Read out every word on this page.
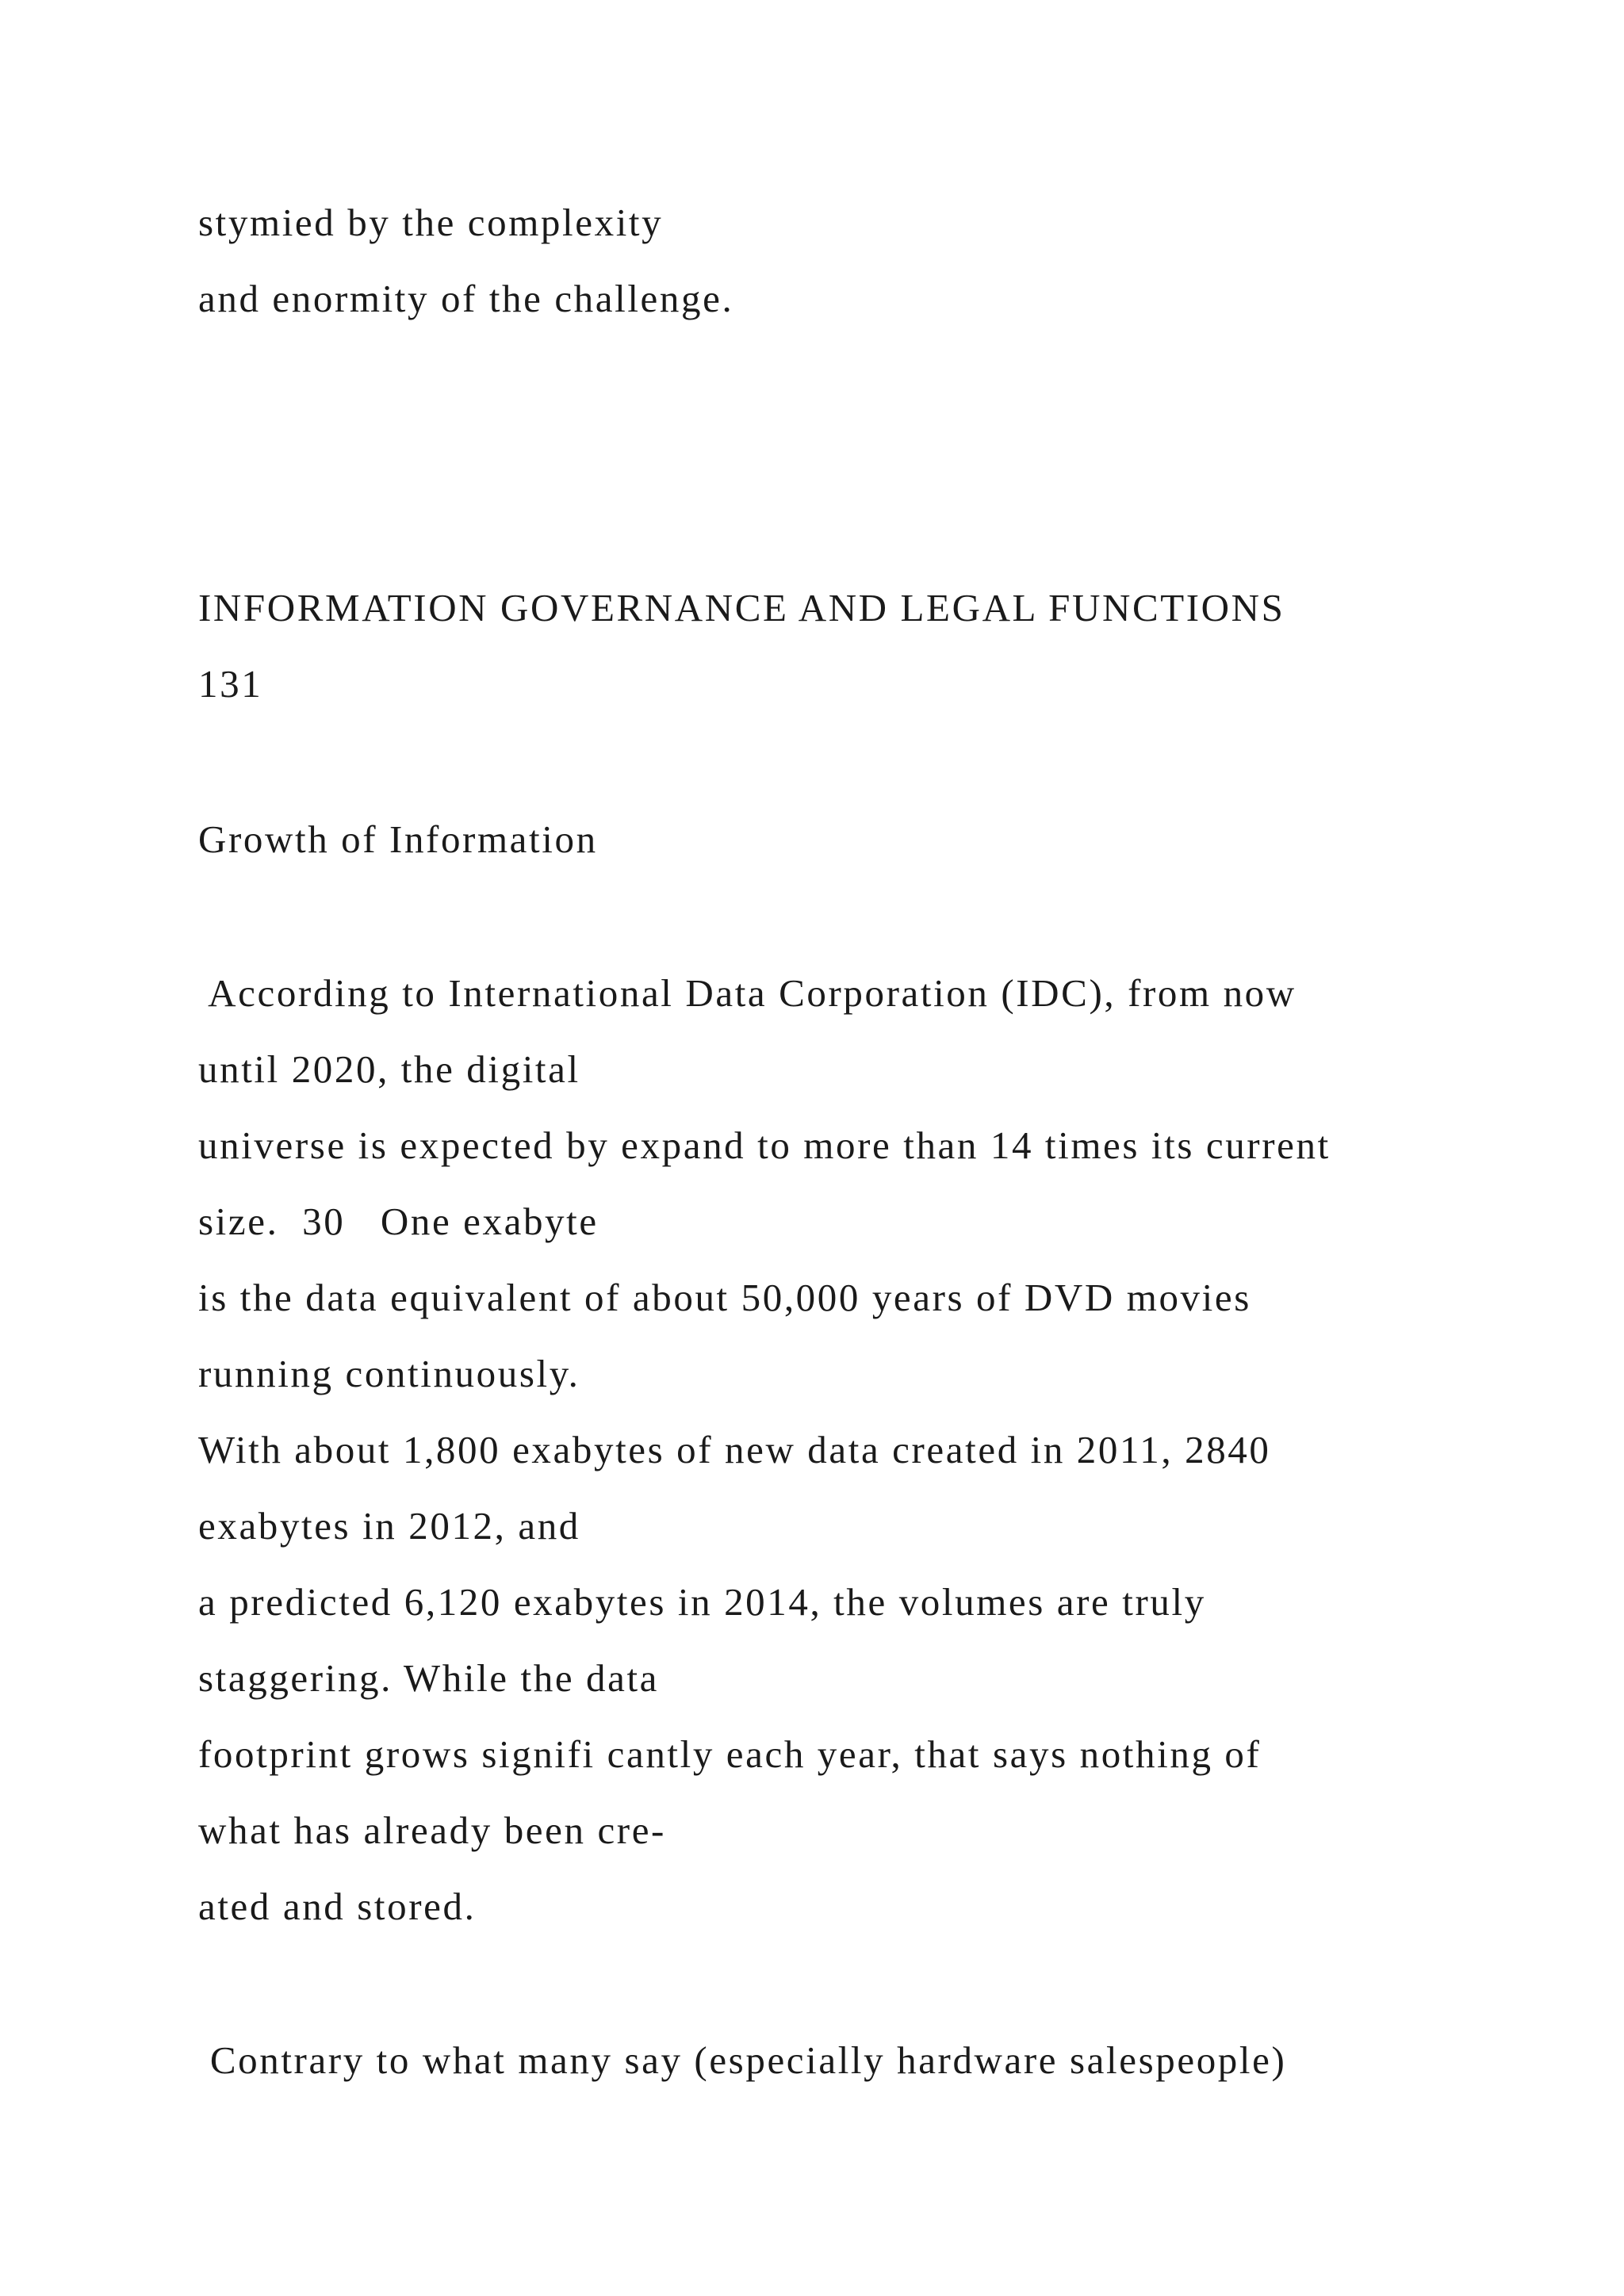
stymied by the complexity

and enormity of the challenge.

INFORMATION GOVERNANCE AND LEGAL FUNCTIONS

131

Growth of Information

According to International Data Corporation (IDC), from now

until 2020, the digital

universe is expected by expand to more than 14 times its current

size.  30   One exabyte

is the data equivalent of about 50,000 years of DVD movies

running continuously.

With about 1,800 exabytes of new data created in 2011, 2840

exabytes in 2012, and

a predicted 6,120 exabytes in 2014, the volumes are truly

staggering. While the data

footprint grows signifi cantly each year, that says nothing of

what has already been cre-

ated and stored.

Contrary to what many say (especially hardware salespeople)
